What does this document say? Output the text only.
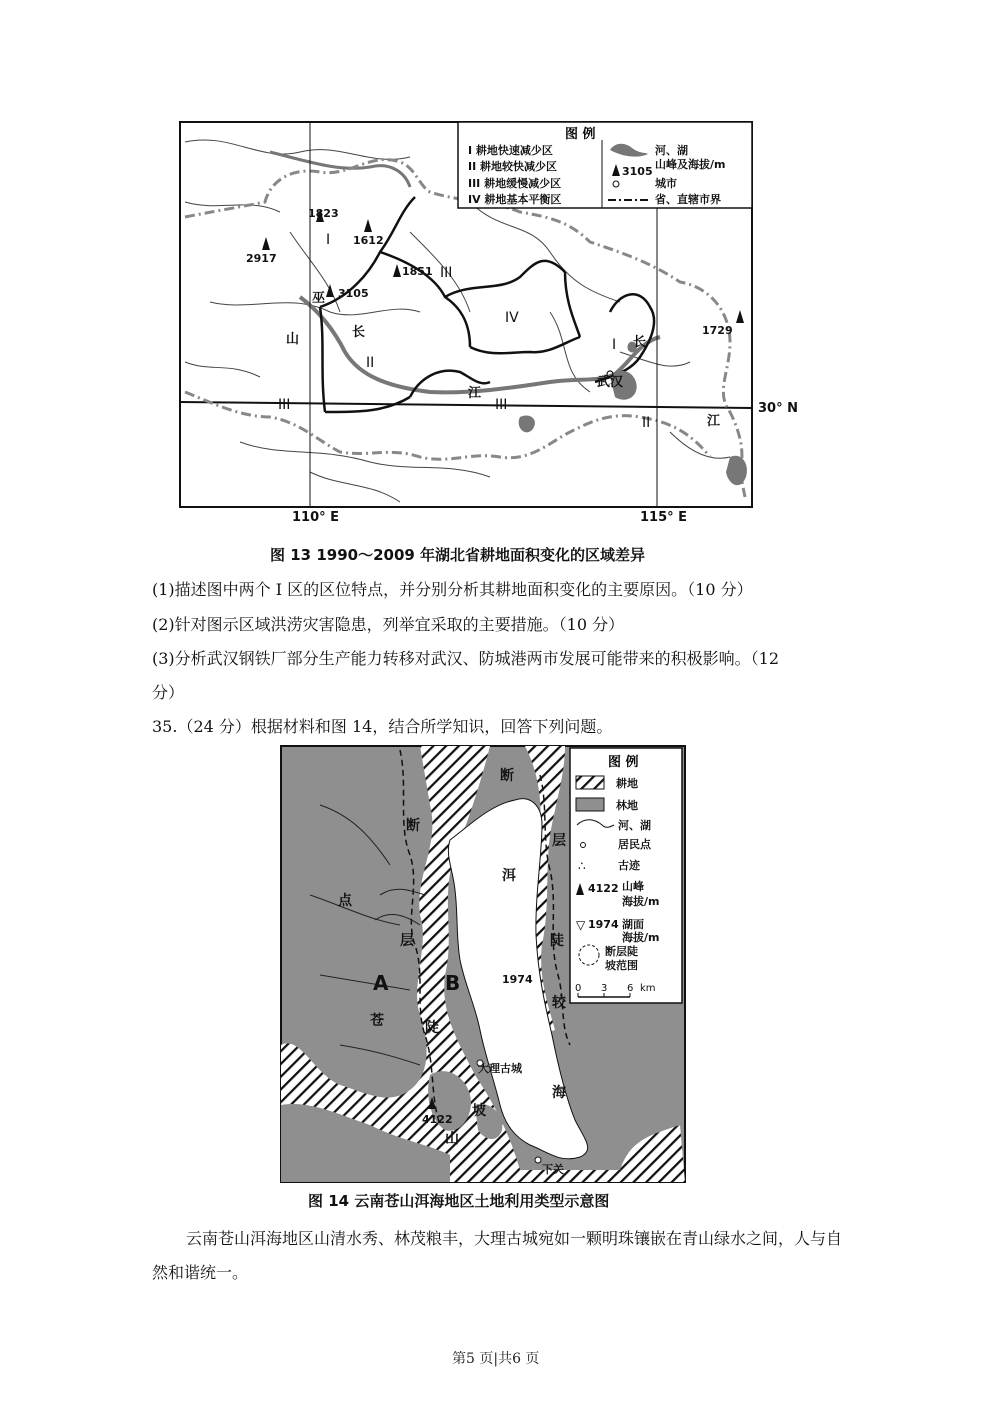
1823
1612
1851
2917
3105
1729
I
III
IV
II
III	III
I
II
巫
山	长
江
长
江
武汉
30° N
110° E	115° E
图 例
I 耕地快速减少区
II 耕地较快减少区
III 耕地缓慢减少区
IV 耕地基本平衡区
河、湖
3105
山峰及海拔/m
城市
省、直辖市界
图 13 1990～2009 年湖北省耕地面积变化的区域差异
(1)描述图中两个 I 区的区位特点，并分别分析其耕地面积变化的主要原因。（10 分）
(2)针对图示区域洪涝灾害隐患，列举宜采取的主要措施。（10 分）
(3)分析武汉钢铁厂部分生产能力转移对武汉、防城港两市发展可能带来的积极影响。（12
分）
35.（24 分）根据材料和图 14，结合所学知识，回答下列问题。
断
层
洱
陡
较
海
断
点
层
苍	陡
坡
山
A	B	1974
4122
大理古城
下关
图 例
∴
▽
耕地
林地
河、湖
居民点
古迹
4122 山峰
海拔/m
1974 湖面
海拔/m
断层陡
坡范围
0 3 6 km
图 14 云南苍山洱海地区土地利用类型示意图
云南苍山洱海地区山清水秀、林茂粮丰，大理古城宛如一颗明珠镶嵌在青山绿水之间，人与自然和谐统一。
第5 页|共6 页
